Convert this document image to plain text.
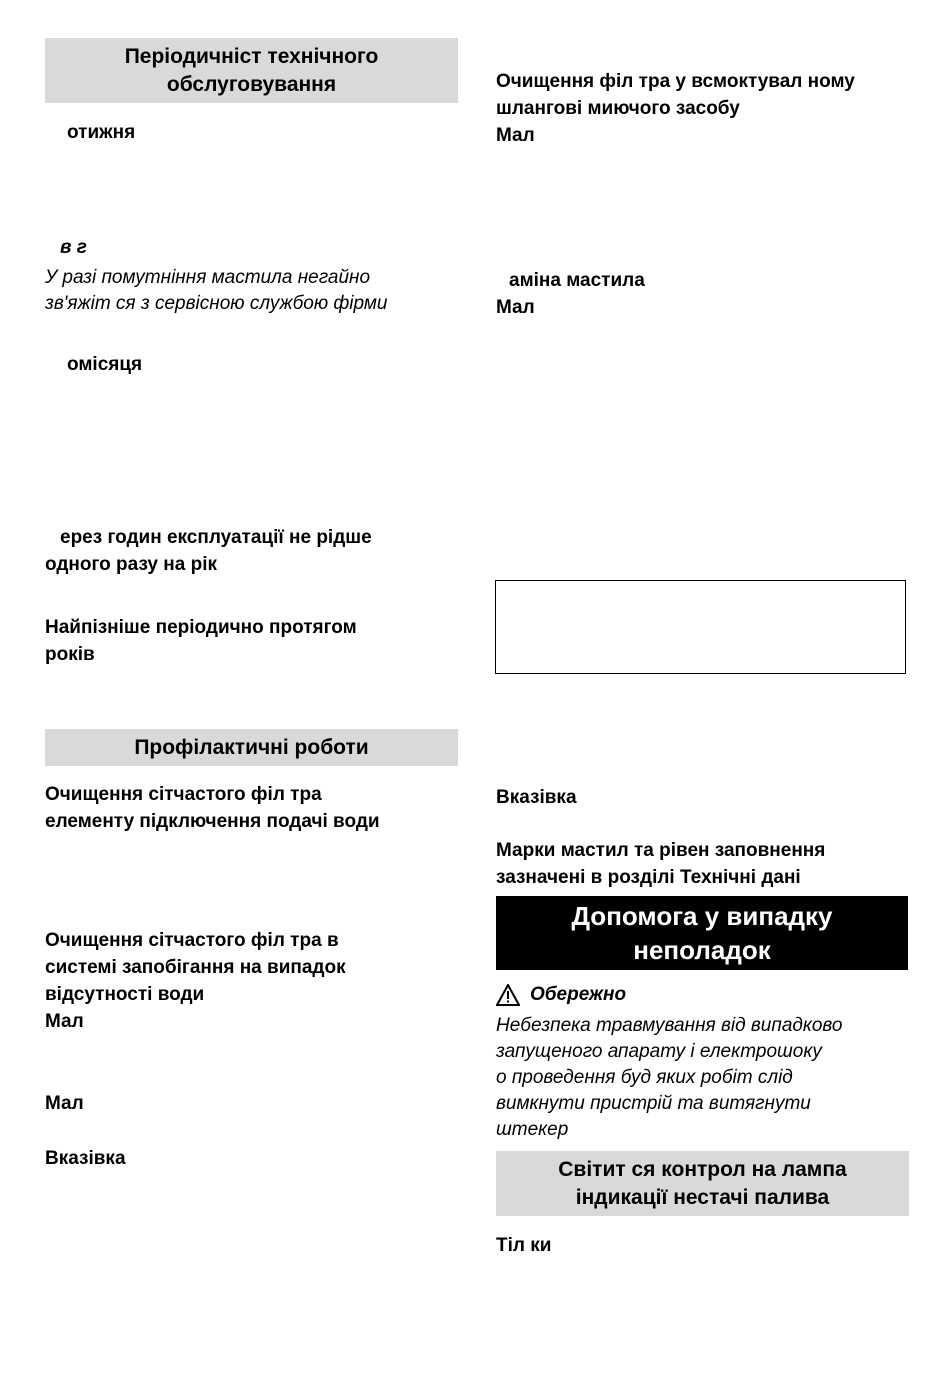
Періодичніст технічного
обслуговування
отижня
в г
У разі помутніння мастила негайно
зв'яжіт ся з сервісною службою фірми
омісяця
ерез годин експлуатації не рідше
одного разу на рік
Найпізніше періодично протягом
років
Профілактичні роботи
Очищення сітчастого філ тра
елементу підключення подачі води
Очищення сітчастого філ тра в
системі запобігання на випадок
відсутності води
Мал
Мал
Вказівка
Очищення філ тра у всмоктувал ному
шлангові миючого засобу
Мал
аміна мастила
Мал
Вказівка
Марки мастил та рівен заповнення
зазначені в розділі Технічні дані
Допомога у випадку
неполадок
Обережно
Небезпека травмування від випадково
запущеного апарату і електрошоку
о проведення буд яких робіт слід
вимкнути пристрій та витягнути
штекер
Світит ся контрол на лампа
індикації нестачі палива
Тіл ки
